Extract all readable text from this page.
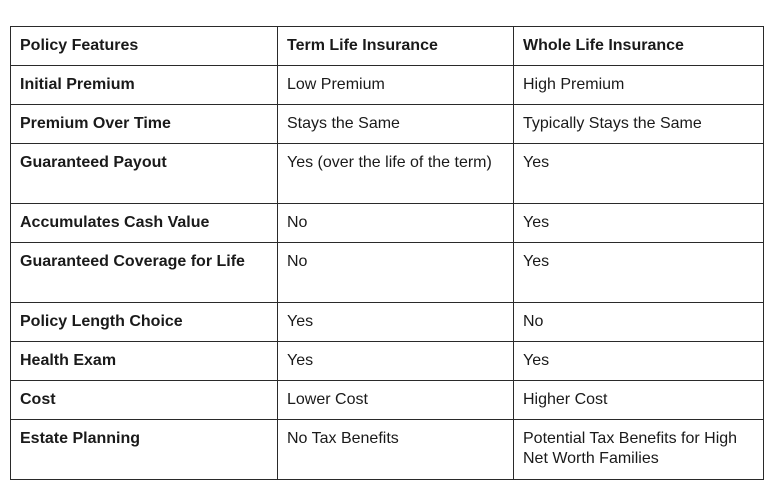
Policy Features	Term Life Insurance	Whole Life Insurance
Initial Premium	Low Premium	High Premium
Premium Over Time	Stays the Same	Typically Stays the Same
Guaranteed Payout	Yes (over the life of the term)	Yes
Accumulates Cash Value	No	Yes
Guaranteed Coverage for Life	No	Yes
Policy Length Choice	Yes	No
Health Exam	Yes	Yes
Cost	Lower Cost	Higher Cost
Estate Planning	No Tax Benefits	Potential Tax Benefits for High Net Worth Families
